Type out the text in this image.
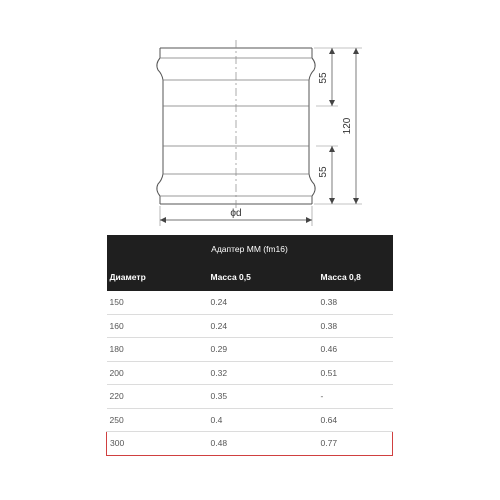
55
55
120
ϕd
Адаптер ММ (fm16)		
Диаметр	Масса 0,5	Масса 0,8
150	0.24	0.38
160	0.24	0.38
180	0.29	0.46
200	0.32	0.51
220	0.35	-
250	0.4	0.64
300	0.48	0.77
